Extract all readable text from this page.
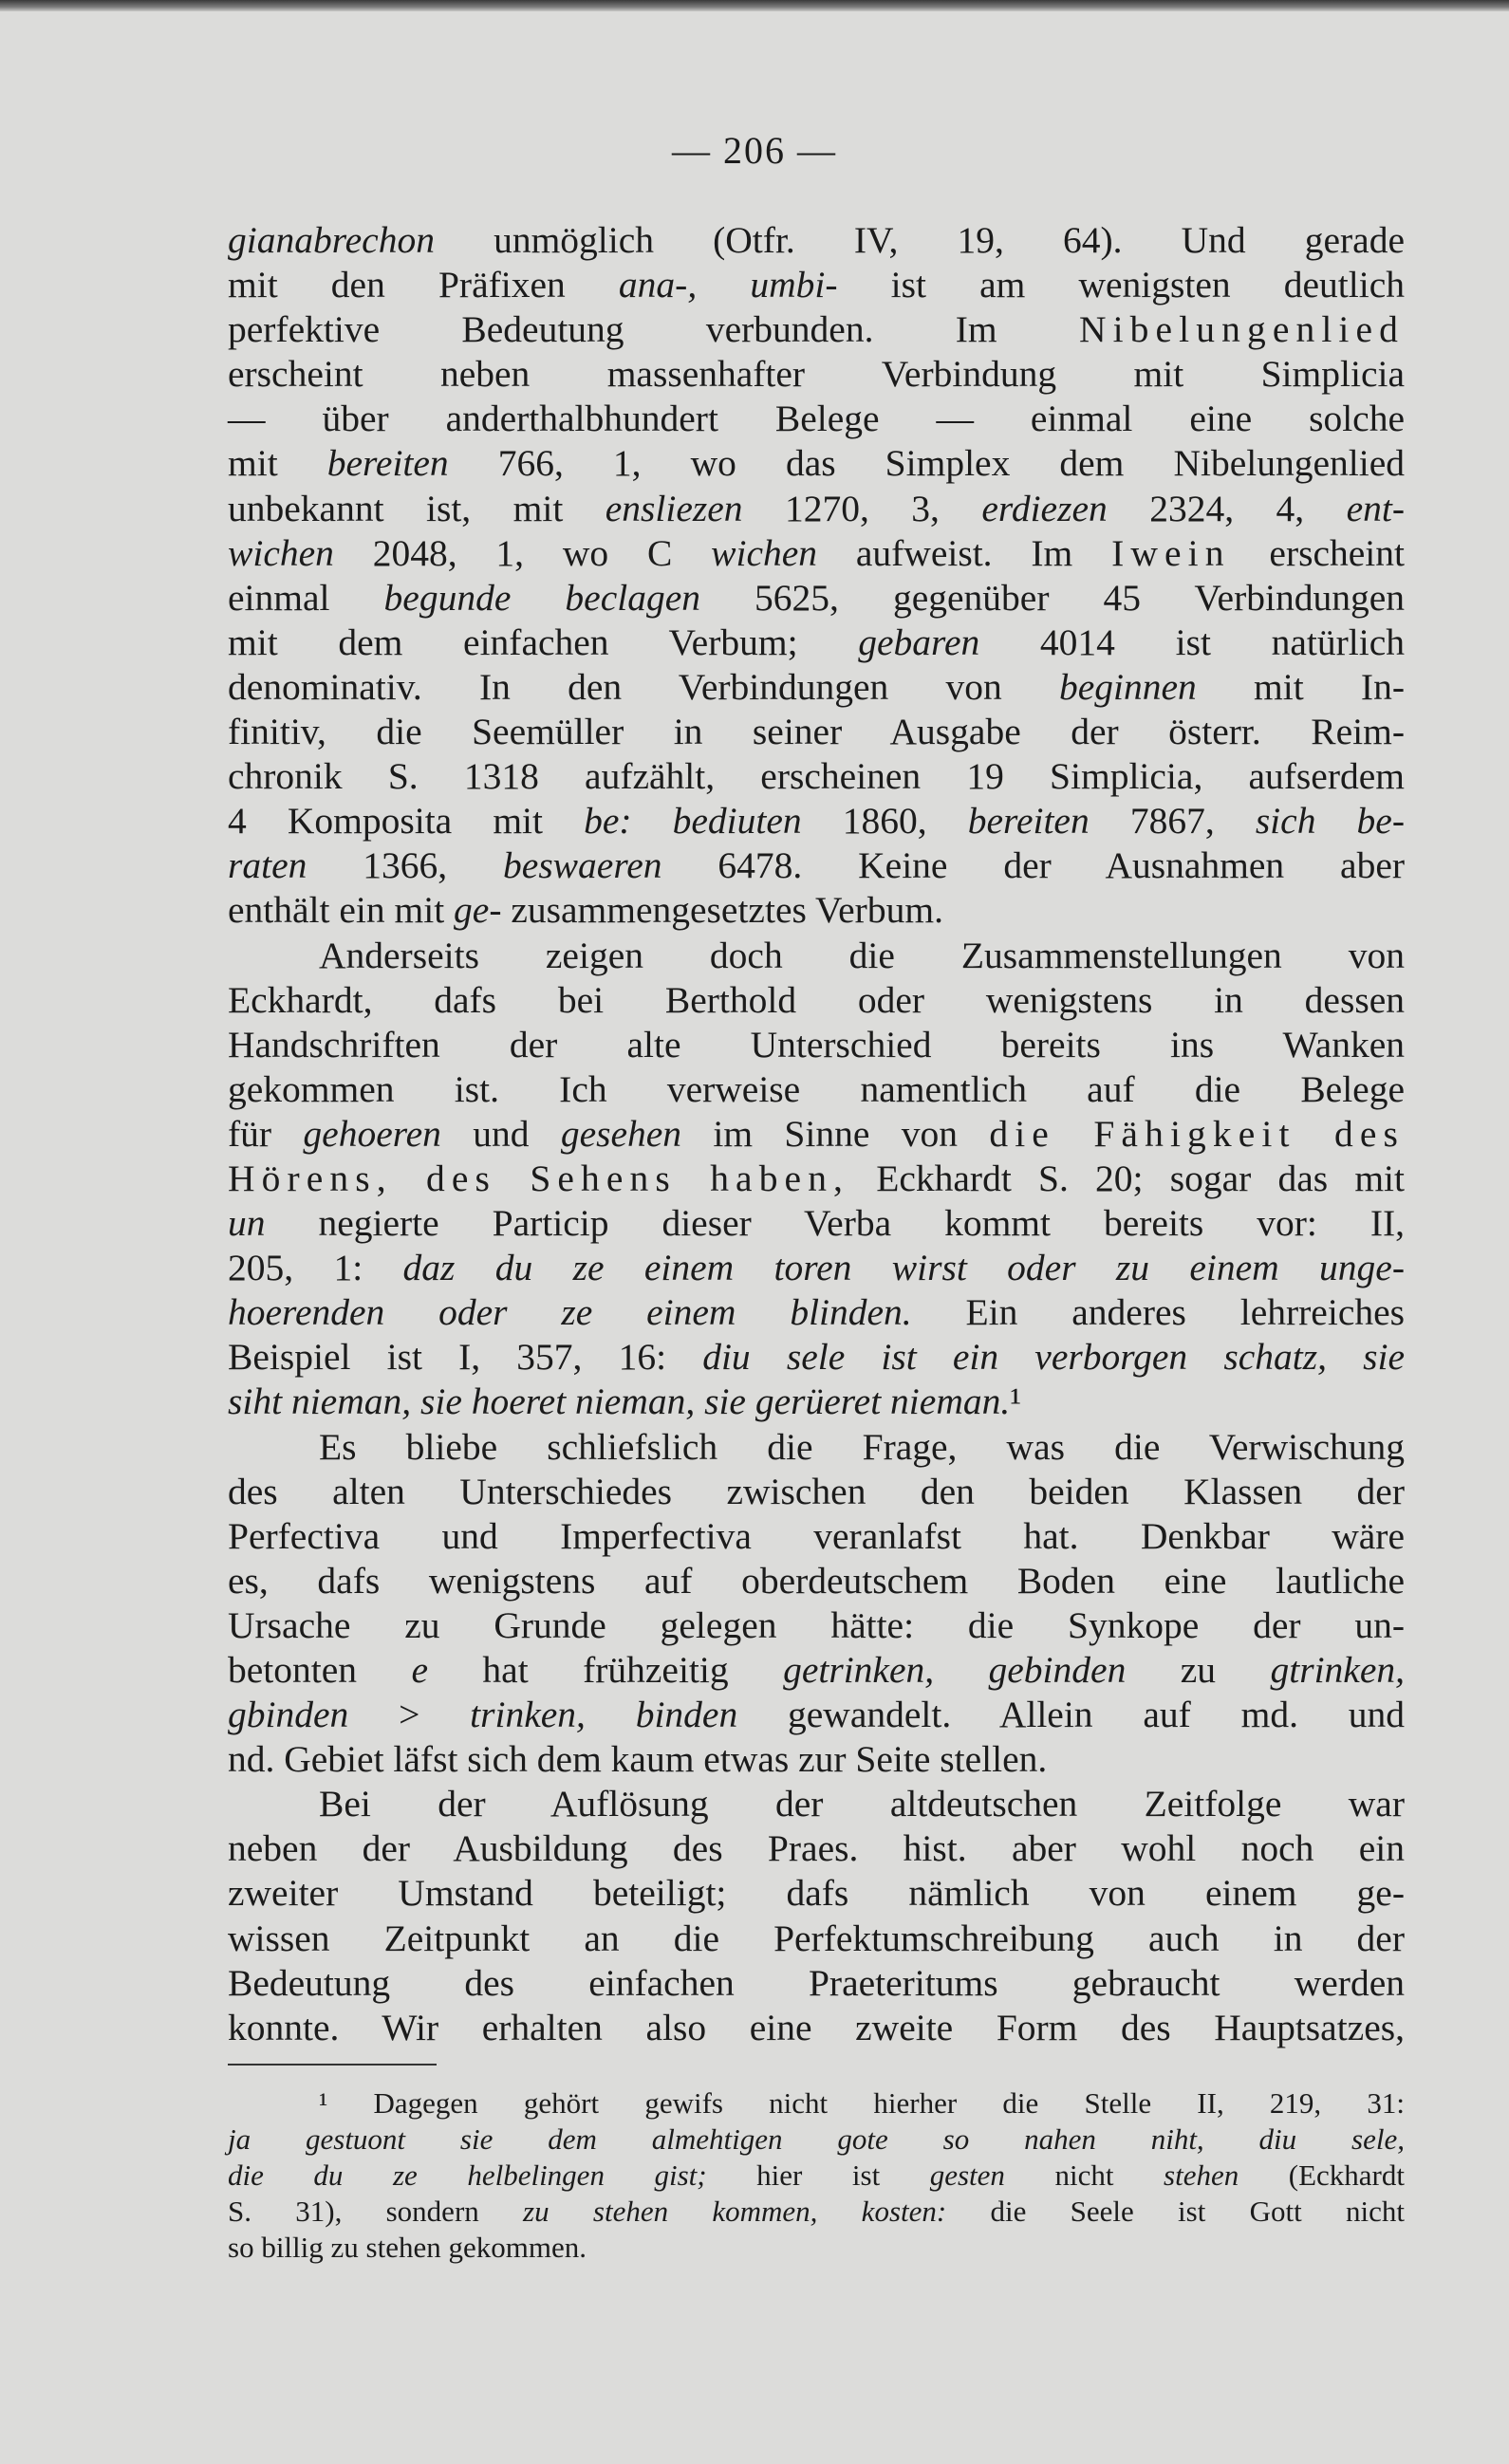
— 206 —
gianabrechon unmöglich (Otfr. IV, 19, 64). Und gerade
mit den Präfixen ana-, umbi- ist am wenigsten deutlich
perfektive Bedeutung verbunden. Im Nibelungenlied
erscheint neben massenhafter Verbindung mit Simplicia
— über anderthalbhundert Belege — einmal eine solche
mit bereiten 766, 1, wo das Simplex dem Nibelungenlied
unbekannt ist, mit ensliezen 1270, 3, erdiezen 2324, 4, ent-
wichen 2048, 1, wo C wichen aufweist. Im Iwein erscheint
einmal begunde beclagen 5625, gegenüber 45 Verbindungen
mit dem einfachen Verbum; gebaren 4014 ist natürlich
denominativ. In den Verbindungen von beginnen mit In-
finitiv, die Seemüller in seiner Ausgabe der österr. Reim-
chronik S. 1318 aufzählt, erscheinen 19 Simplicia, aufserdem
4 Komposita mit be: bediuten 1860, bereiten 7867, sich be-
raten 1366, beswaeren 6478. Keine der Ausnahmen aber
enthält ein mit ge- zusammengesetztes Verbum.
Anderseits zeigen doch die Zusammenstellungen von
Eckhardt, dafs bei Berthold oder wenigstens in dessen
Handschriften der alte Unterschied bereits ins Wanken
gekommen ist. Ich verweise namentlich auf die Belege
für gehoeren und gesehen im Sinne von die Fähigkeit des
Hörens, des Sehens haben, Eckhardt S. 20; sogar das mit
un negierte Particip dieser Verba kommt bereits vor: II,
205, 1: daz du ze einem toren wirst oder zu einem unge-
hoerenden oder ze einem blinden. Ein anderes lehrreiches
Beispiel ist I, 357, 16: diu sele ist ein verborgen schatz, sie
siht nieman, sie hoeret nieman, sie gerüeret nieman.¹
Es bliebe schliefslich die Frage, was die Verwischung
des alten Unterschiedes zwischen den beiden Klassen der
Perfectiva und Imperfectiva veranlafst hat. Denkbar wäre
es, dafs wenigstens auf oberdeutschem Boden eine lautliche
Ursache zu Grunde gelegen hätte: die Synkope der un-
betonten e hat frühzeitig getrinken, gebinden zu gtrinken,
gbinden > trinken, binden gewandelt. Allein auf md. und
nd. Gebiet läfst sich dem kaum etwas zur Seite stellen.
Bei der Auflösung der altdeutschen Zeitfolge war
neben der Ausbildung des Praes. hist. aber wohl noch ein
zweiter Umstand beteiligt; dafs nämlich von einem ge-
wissen Zeitpunkt an die Perfektumschreibung auch in der
Bedeutung des einfachen Praeteritums gebraucht werden
konnte. Wir erhalten also eine zweite Form des Hauptsatzes,
¹ Dagegen gehört gewifs nicht hierher die Stelle II, 219, 31:
ja gestuont sie dem almehtigen gote so nahen niht, diu sele,
die du ze helbelingen gist; hier ist gesten nicht stehen (Eckhardt
S. 31), sondern zu stehen kommen, kosten: die Seele ist Gott nicht
so billig zu stehen gekommen.
